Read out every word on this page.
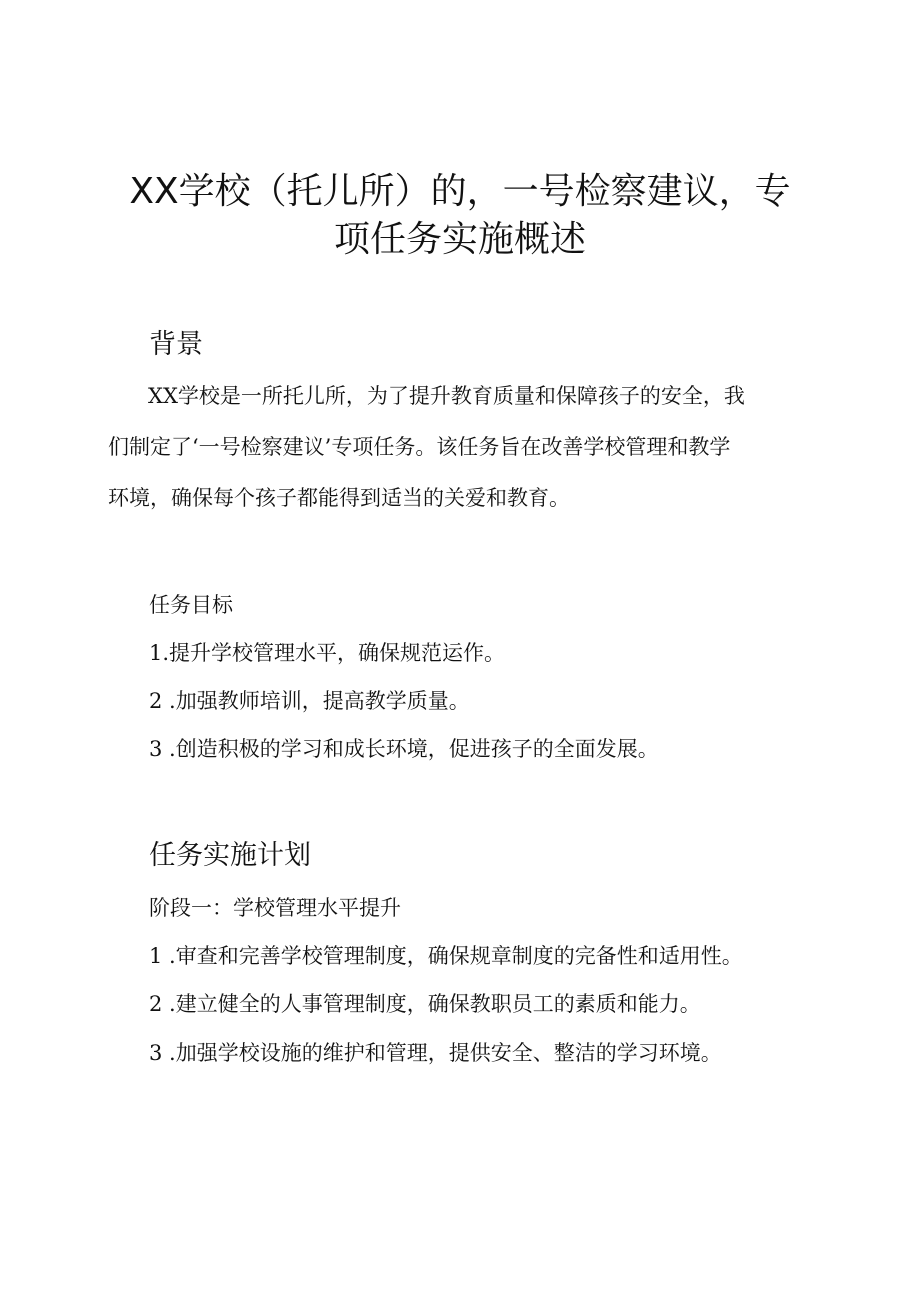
XX学校（托儿所）的，一号检察建议，专
项任务实施概述
背景
XX学校是一所托儿所，为了提升教育质量和保障孩子的安全，我
们制定了‘一号检察建议’专项任务。该任务旨在改善学校管理和教学
环境，确保每个孩子都能得到适当的关爱和教育。
任务目标
1.提升学校管理水平，确保规范运作。
2 .加强教师培训，提高教学质量。
3 .创造积极的学习和成长环境，促进孩子的全面发展。
任务实施计划
阶段一：学校管理水平提升
1 .审查和完善学校管理制度，确保规章制度的完备性和适用性。
2 .建立健全的人事管理制度，确保教职员工的素质和能力。
3 .加强学校设施的维护和管理，提供安全、整洁的学习环境。
